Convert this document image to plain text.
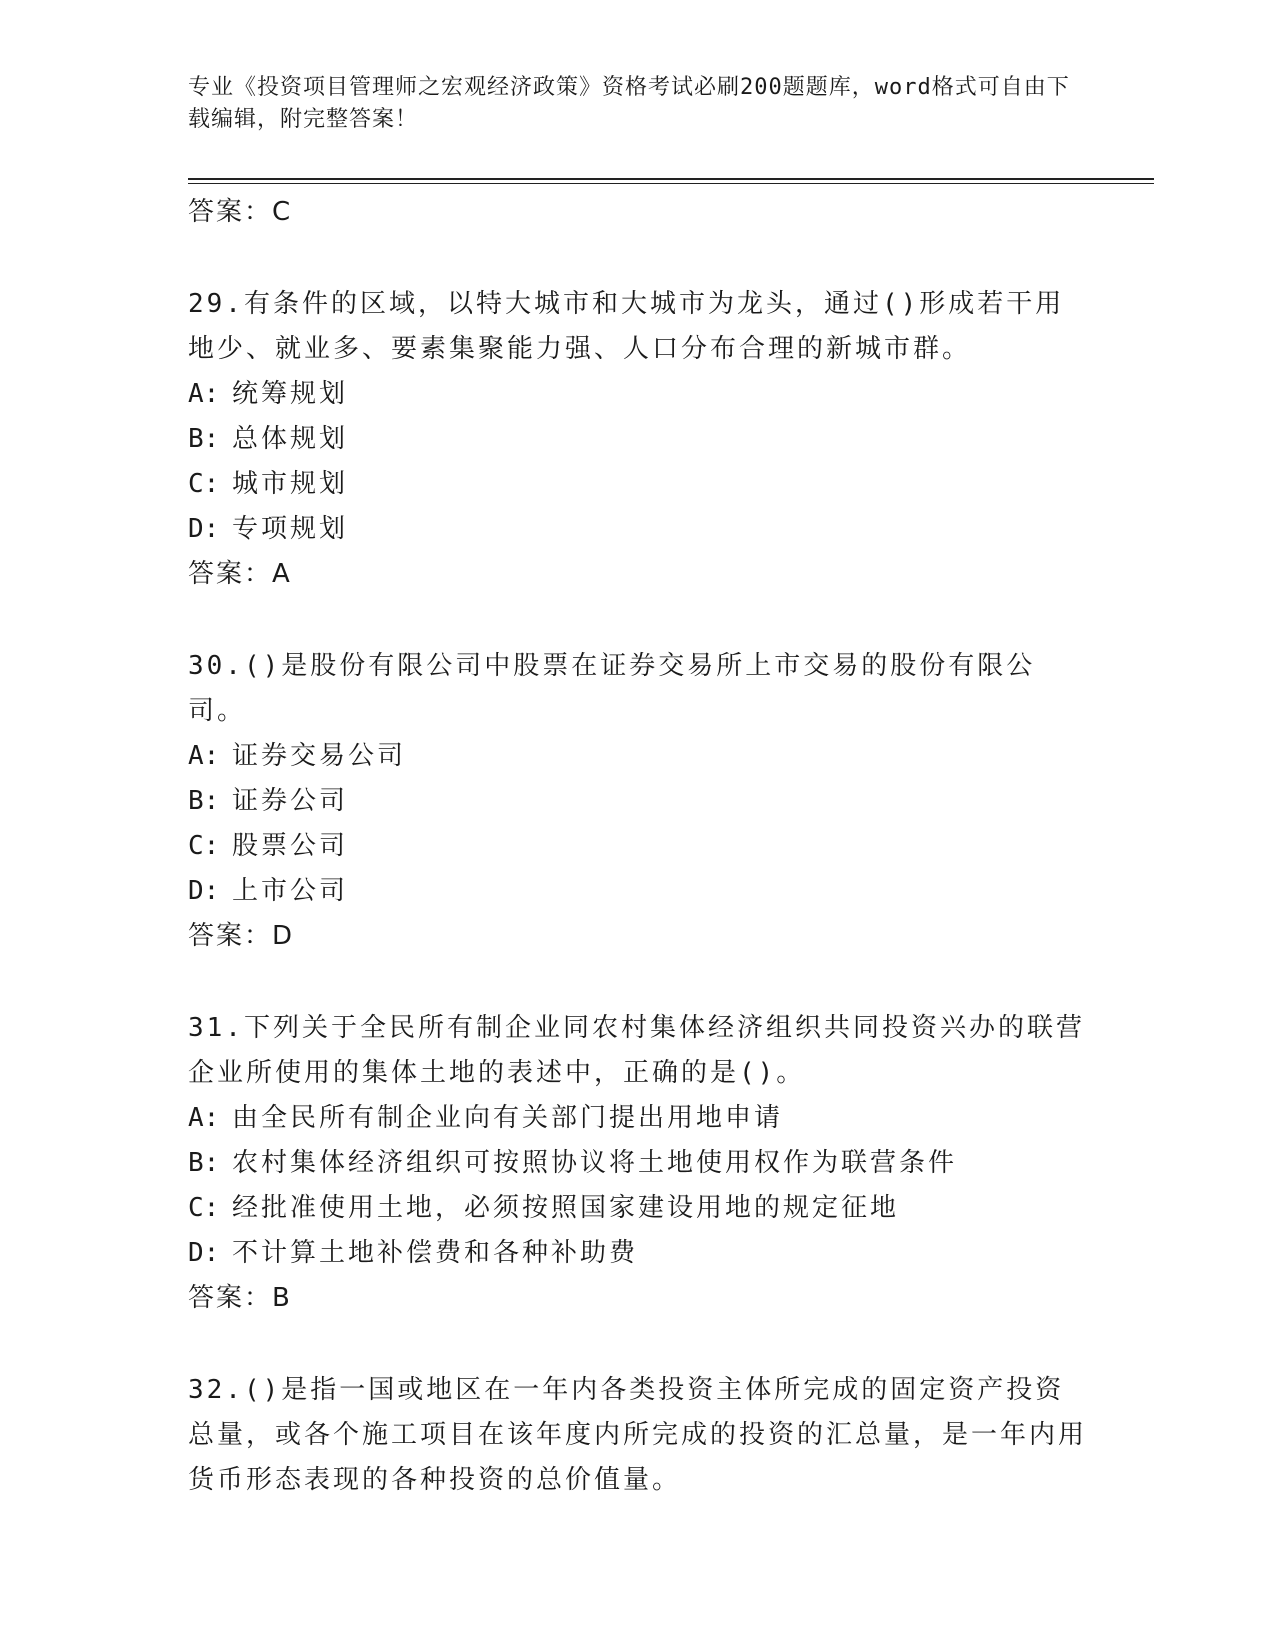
专业《投资项目管理师之宏观经济政策》资格考试必刷200题题库，word格式可自由下载编辑，附完整答案！
答案：C
29.有条件的区域，以特大城市和大城市为龙头，通过()形成若干用地少、就业多、要素集聚能力强、人口分布合理的新城市群。
A: 统筹规划
B: 总体规划
C: 城市规划
D: 专项规划
答案：A
30.()是股份有限公司中股票在证券交易所上市交易的股份有限公司。
A: 证券交易公司
B: 证券公司
C: 股票公司
D: 上市公司
答案：D
31.下列关于全民所有制企业同农村集体经济组织共同投资兴办的联营企业所使用的集体土地的表述中，正确的是()。
A: 由全民所有制企业向有关部门提出用地申请
B: 农村集体经济组织可按照协议将土地使用权作为联营条件
C: 经批准使用土地，必须按照国家建设用地的规定征地
D: 不计算土地补偿费和各种补助费
答案：B
32.()是指一国或地区在一年内各类投资主体所完成的固定资产投资总量，或各个施工项目在该年度内所完成的投资的汇总量，是一年内用货币形态表现的各种投资的总价值量。
